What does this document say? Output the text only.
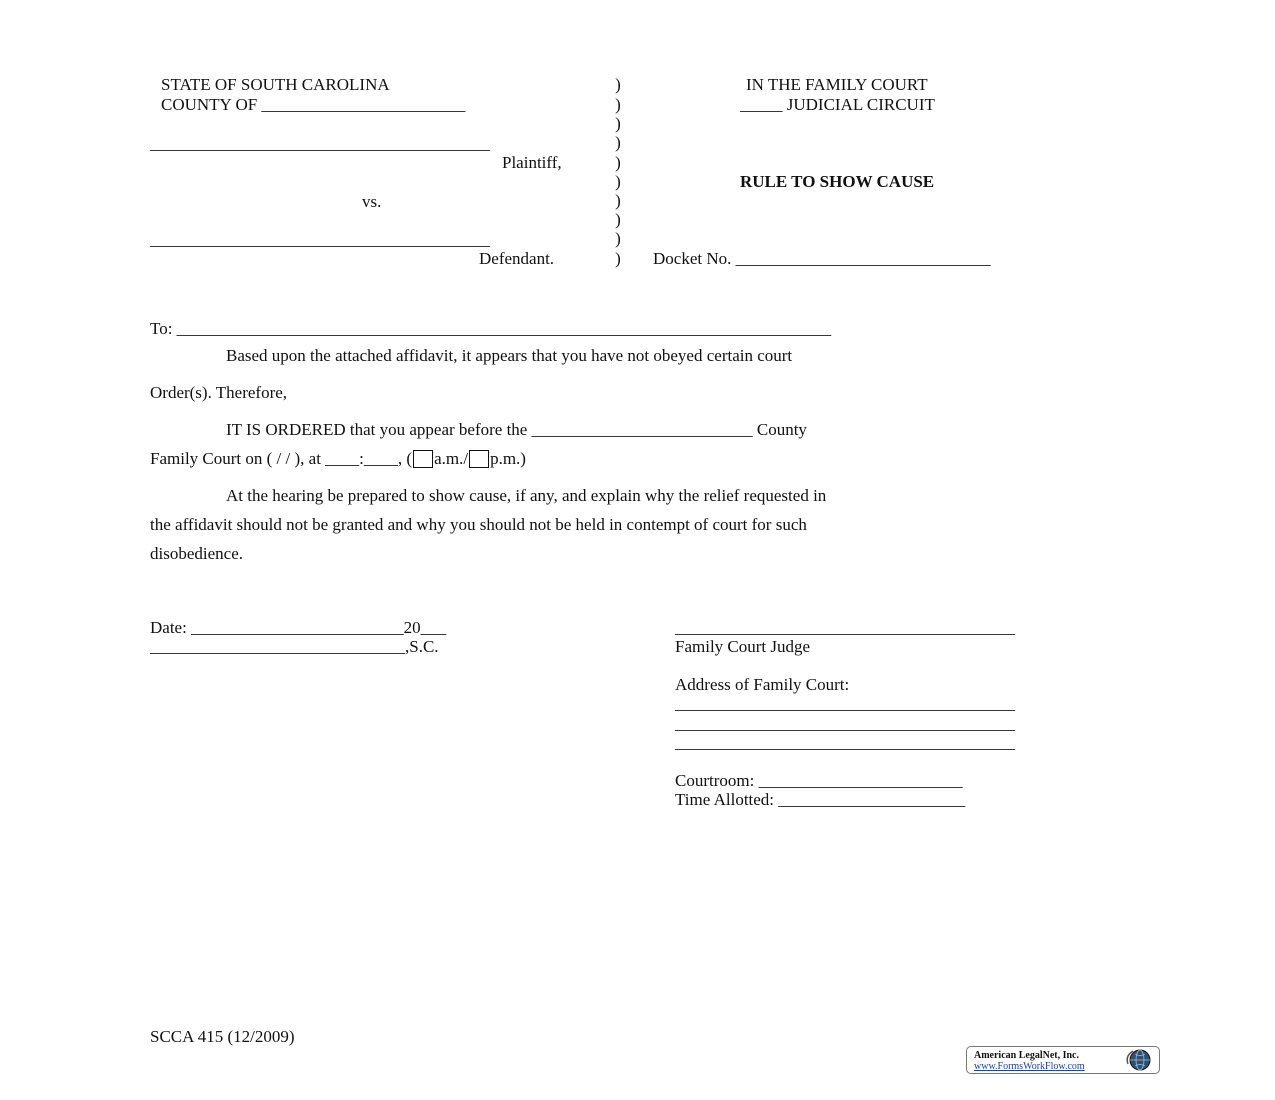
STATE OF SOUTH CAROLINA
COUNTY OF ________________________
________________________________________
Plaintiff,
vs.
________________________________________
Defendant.
)
)
)
)
)
)
)
)
)
)
IN THE FAMILY COURT
_____ JUDICIAL CIRCUIT
RULE TO SHOW CAUSE
Docket No. ______________________________
To: _____________________________________________________________________________
Based upon the attached affidavit, it appears that you have not obeyed certain court
Order(s). Therefore,
IT IS ORDERED that you appear before the __________________________ County
Family Court on ( / / ), at ____:____, ( a.m./ p.m.)
At the hearing be prepared to show cause, if any, and explain why the relief requested in
the affidavit should not be granted and why you should not be held in contempt of court for such
disobedience.
Date: _________________________20___
______________________________,S.C.
________________________________________
Family Court Judge
Address of Family Court:
________________________________________
________________________________________
________________________________________
Courtroom: ________________________
Time Allotted: ______________________
SCCA 415 (12/2009)
American LegalNet, Inc.
www.FormsWorkFlow.com
